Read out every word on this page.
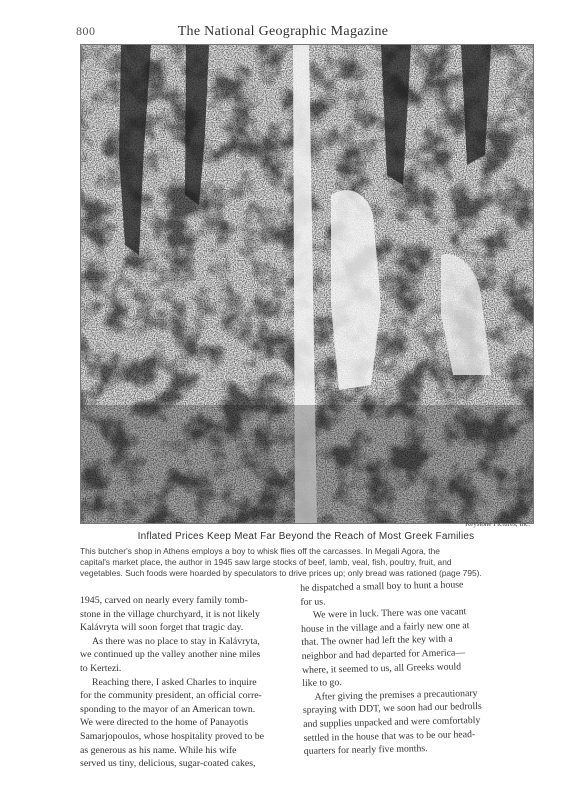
800	The National Geographic Magazine
Keystone Pictures, Inc.
Inflated Prices Keep Meat Far Beyond the Reach of Most Greek Families
This butcher's shop in Athens employs a boy to whisk flies off the carcasses. In Megali Agora, the
capital's market place, the author in 1945 saw large stocks of beef, lamb, veal, fish, poultry, fruit, and
vegetables. Such foods were hoarded by speculators to drive prices up; only bread was rationed (page 795).
1945, carved on nearly every family tomb-
stone in the village churchyard, it is not likely
Kalávryta will soon forget that tragic day.
As there was no place to stay in Kalávryta,
we continued up the valley another nine miles
to Kertezi.
Reaching there, I asked Charles to inquire
for the community president, an official corre-
sponding to the mayor of an American town.
We were directed to the home of Panayotis
Samarjopoulos, whose hospitality proved to be
as generous as his name. While his wife
served us tiny, delicious, sugar-coated cakes,
he dispatched a small boy to hunt a house
for us.
We were in luck. There was one vacant
house in the village and a fairly new one at
that. The owner had left the key with a
neighbor and had departed for America—
where, it seemed to us, all Greeks would
like to go.
After giving the premises a precautionary
spraying with DDT, we soon had our bedrolls
and supplies unpacked and were comfortably
settled in the house that was to be our head-
quarters for nearly five months.
